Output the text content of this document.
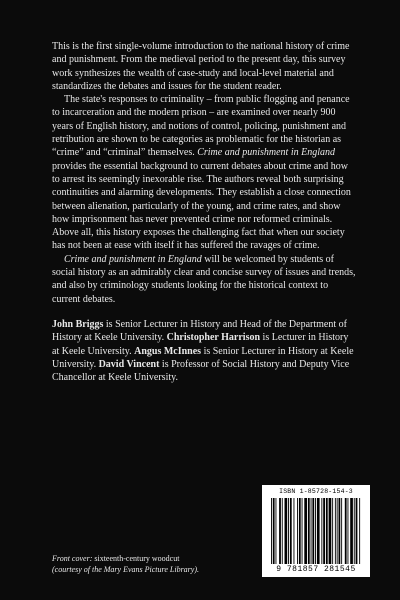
This is the first single-volume introduction to the national history of crime and punishment. From the medieval period to the present day, this survey work synthesizes the wealth of case-study and local-level material and standardizes the debates and issues for the student reader.

The state's responses to criminality – from public flogging and penance to incarceration and the modern prison – are examined over nearly 900 years of English history, and notions of control, policing, punishment and retribution are shown to be categories as problematic for the historian as “crime” and “criminal” themselves. Crime and punishment in England provides the essential background to current debates about crime and how to arrest its seemingly inexorable rise. The authors reveal both surprising continuities and alarming developments. They establish a close connection between alienation, particularly of the young, and crime rates, and show how imprisonment has never prevented crime nor reformed criminals. Above all, this history exposes the challenging fact that when our society has not been at ease with itself it has suffered the ravages of crime.

Crime and punishment in England will be welcomed by students of social history as an admirably clear and concise survey of issues and trends, and also by criminology students looking for the historical context to current debates.

John Briggs is Senior Lecturer in History and Head of the Department of History at Keele University. Christopher Harrison is Lecturer in History at Keele University. Angus McInnes is Senior Lecturer in History at Keele University. David Vincent is Professor of Social History and Deputy Vice Chancellor at Keele University.

ISBN 1-85728-154-3
9 781857 281545
Front cover: sixteenth-century woodcut
(courtesy of the Mary Evans Picture Library).
